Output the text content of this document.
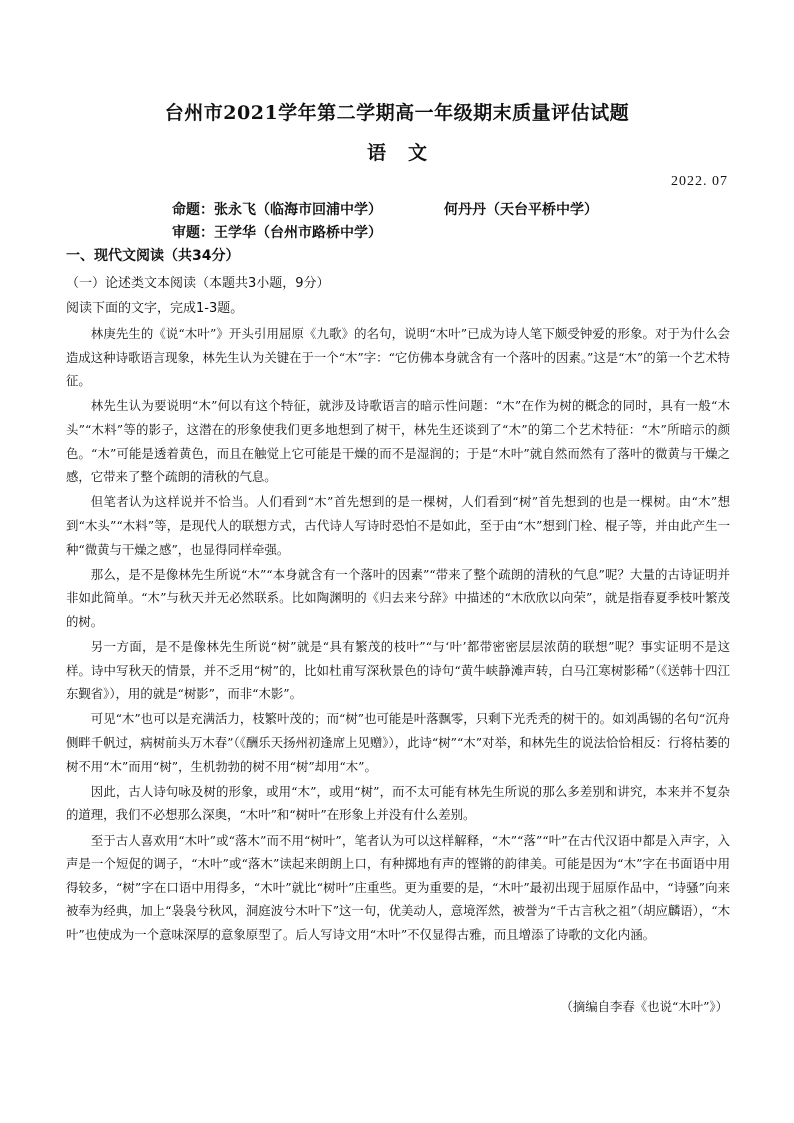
台州市2021学年第二学期高一年级期末质量评估试题
语文
2022. 07
命题：张永飞（临海市回浦中学）	何丹丹（天台平桥中学）
审题：王学华（台州市路桥中学）
一、现代文阅读（共34分）
（一）论述类文本阅读（本题共3小题，9分）
阅读下面的文字，完成1-3题。

林庚先生的《说“木叶”》开头引用屈原《九歌》的名句，说明“木叶”已成为诗人笔下颇受钟爱的形象。对于为什么会造成这种诗歌语言现象，林先生认为关键在于一个“木”字：“它仿佛本身就含有一个落叶的因素。”这是“木”的第一个艺术特征。

林先生认为要说明“木”何以有这个特征，就涉及诗歌语言的暗示性问题：“木”在作为树的概念的同时，具有一般“木头”“木料”等的影子，这潜在的形象使我们更多地想到了树干，林先生还谈到了“木”的第二个艺术特征：“木”所暗示的颜色。“木”可能是透着黄色，而且在触觉上它可能是干燥的而不是湿润的；于是“木叶”就自然而然有了落叶的微黄与干燥之感，它带来了整个疏朗的清秋的气息。

但笔者认为这样说并不恰当。人们看到“木”首先想到的是一棵树，人们看到“树”首先想到的也是一棵树。由“木”想到“木头”“木料”等，是现代人的联想方式，古代诗人写诗时恐怕不是如此，至于由“木”想到门栓、棍子等，并由此产生一种“微黄与干燥之感”，也显得同样牵强。

那么，是不是像林先生所说“木”“本身就含有一个落叶的因素”“带来了整个疏朗的清秋的气息”呢？大量的古诗证明并非如此简单。“木”与秋天并无必然联系。比如陶渊明的《归去来兮辞》中描述的“木欣欣以向荣”，就是指春夏季枝叶繁茂的树。

另一方面，是不是像林先生所说“树”就是“具有繁茂的枝叶”“与‘叶’都带密密层层浓荫的联想”呢？事实证明不是这样。诗中写秋天的情景，并不乏用“树”的，比如杜甫写深秋景色的诗句“黄牛峡静滩声转，白马江寒树影稀”（《送韩十四江东觐省》），用的就是“树影”，而非“木影”。

可见“木”也可以是充满活力，枝繁叶茂的；而“树”也可能是叶落飘零，只剩下光秃秃的树干的。如刘禹锡的名句“沉舟侧畔千帆过，病树前头万木春”（《酬乐天扬州初逢席上见赠》），此诗“树”“木”对举，和林先生的说法恰恰相反：行将枯萎的树不用“木”而用“树”，生机勃勃的树不用“树”却用“木”。

因此，古人诗句咏及树的形象，或用“木”，或用“树”，而不太可能有林先生所说的那么多差别和讲究，本来并不复杂的道理，我们不必想那么深奥，“木叶”和“树叶”在形象上并没有什么差别。

至于古人喜欢用“木叶”或“落木”而不用“树叶”，笔者认为可以这样解释，“木”“落”“叶”在古代汉语中都是入声字，入声是一个短促的调子，“木叶”或“落木”读起来朗朗上口，有种掷地有声的铿锵的韵律美。可能是因为“木”字在书面语中用得较多，“树”字在口语中用得多，“木叶”就比“树叶”庄重些。更为重要的是，“木叶”最初出现于屈原作品中，“诗骚”向来被奉为经典，加上“袅袅兮秋风，洞庭波兮木叶下”这一句，优美动人，意境浑然，被誉为“千古言秋之祖”（胡应麟语），“木叶”也使成为一个意味深厚的意象原型了。后人写诗文用“木叶”不仅显得古雅，而且增添了诗歌的文化内涵。

（摘编自李春《也说“木叶”》）
